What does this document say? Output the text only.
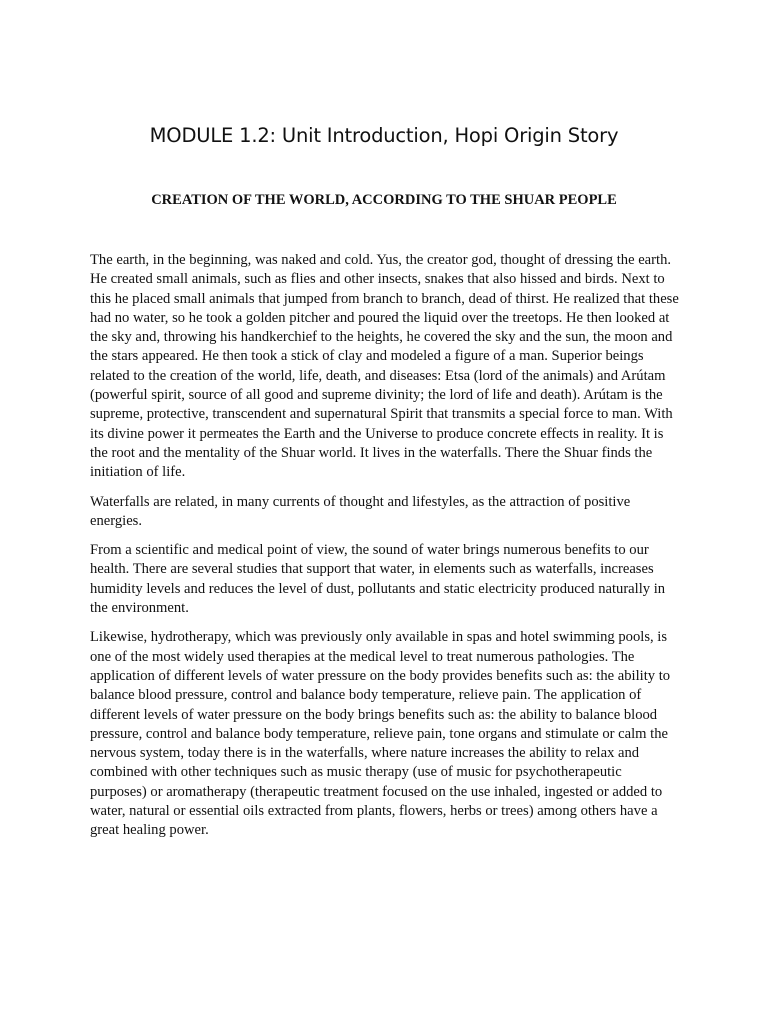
MODULE 1.2: Unit Introduction, Hopi Origin Story
CREATION OF THE WORLD, ACCORDING TO THE SHUAR PEOPLE

The earth, in the beginning, was naked and cold. Yus, the creator god, thought of dressing the earth. He created small animals, such as flies and other insects, snakes that also hissed and birds. Next to this he placed small animals that jumped from branch to branch, dead of thirst. He realized that these had no water, so he took a golden pitcher and poured the liquid over the treetops. He then looked at the sky and, throwing his handkerchief to the heights, he covered the sky and the sun, the moon and the stars appeared. He then took a stick of clay and modeled a figure of a man. Superior beings related to the creation of the world, life, death, and diseases: Etsa (lord of the animals) and Arútam (powerful spirit, source of all good and supreme divinity; the lord of life and death). Arútam is the supreme, protective, transcendent and supernatural Spirit that transmits a special force to man. With its divine power it permeates the Earth and the Universe to produce concrete effects in reality. It is the root and the mentality of the Shuar world. It lives in the waterfalls. There the Shuar finds the initiation of life.

Waterfalls are related, in many currents of thought and lifestyles, as the attraction of positive energies.

From a scientific and medical point of view, the sound of water brings numerous benefits to our health. There are several studies that support that water, in elements such as waterfalls, increases humidity levels and reduces the level of dust, pollutants and static electricity produced naturally in the environment.

Likewise, hydrotherapy, which was previously only available in spas and hotel swimming pools, is one of the most widely used therapies at the medical level to treat numerous pathologies. The application of different levels of water pressure on the body provides benefits such as: the ability to balance blood pressure, control and balance body temperature, relieve pain. The application of different levels of water pressure on the body brings benefits such as: the ability to balance blood pressure, control and balance body temperature, relieve pain, tone organs and stimulate or calm the nervous system, today there is in the waterfalls, where nature increases the ability to relax and combined with other techniques such as music therapy (use of music for psychotherapeutic purposes) or aromatherapy (therapeutic treatment focused on the use inhaled, ingested or added to water, natural or essential oils extracted from plants, flowers, herbs or trees) among others have a great healing power.
